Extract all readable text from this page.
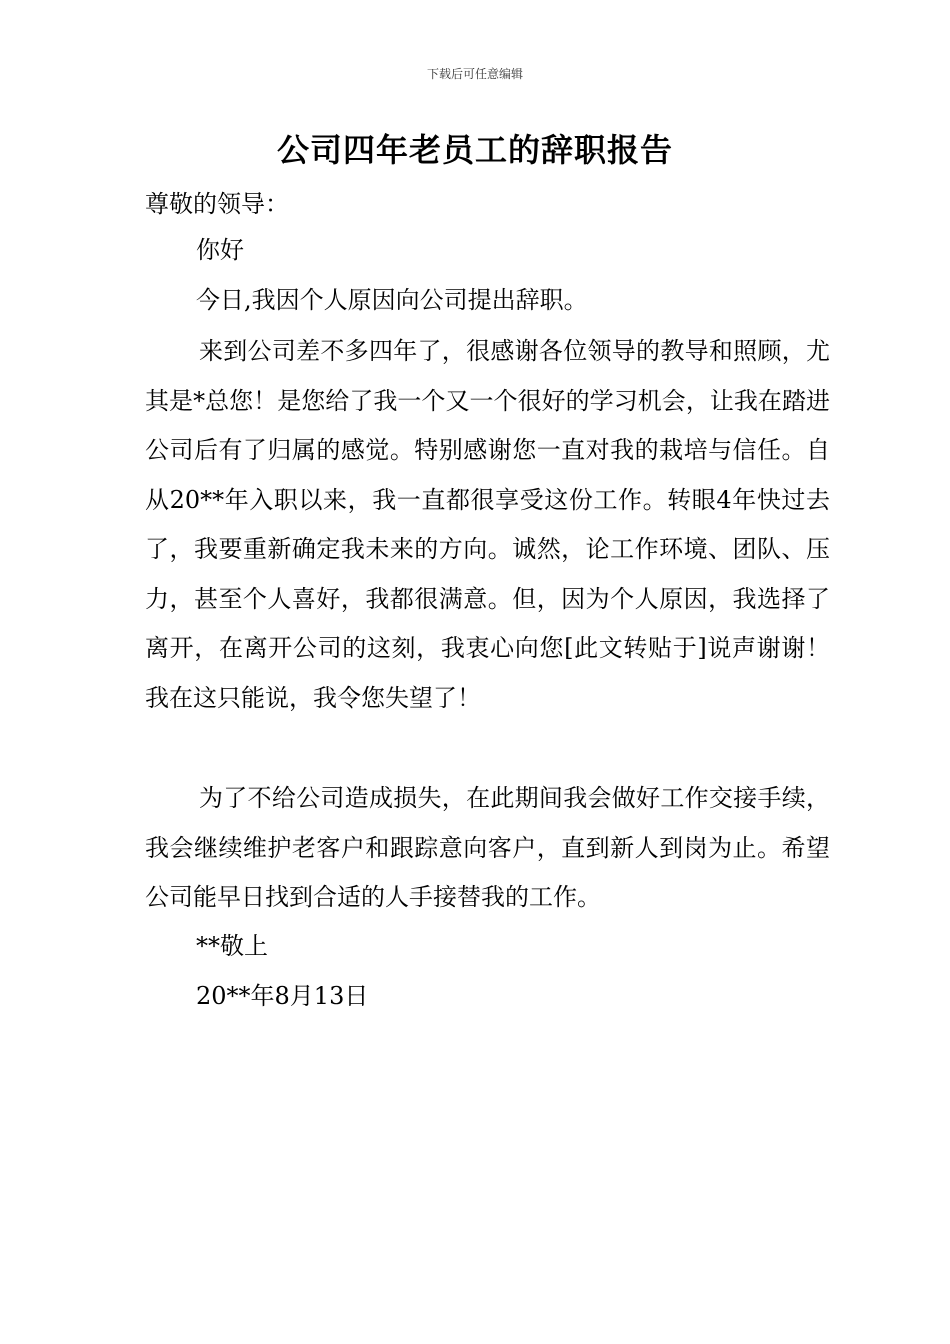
下载后可任意编辑
公司四年老员工的辞职报告

尊敬的领导：

你好

今日,我因个人原因向公司提出辞职。

来到公司差不多四年了，很感谢各位领导的教导和照顾，尤其是*总您！是您给了我一个又一个很好的学习机会，让我在踏进公司后有了归属的感觉。特别感谢您一直对我的栽培与信任。自从20**年入职以来，我一直都很享受这份工作。转眼4年快过去了，我要重新确定我未来的方向。诚然，论工作环境、团队、压力，甚至个人喜好，我都很满意。但，因为个人原因，我选择了离开，在离开公司的这刻，我衷心向您[此文转贴于]说声谢谢！我在这只能说，我令您失望了！

为了不给公司造成损失，在此期间我会做好工作交接手续，我会继续维护老客户和跟踪意向客户，直到新人到岗为止。希望公司能早日找到合适的人手接替我的工作。

**敬上

20**年8月13日
